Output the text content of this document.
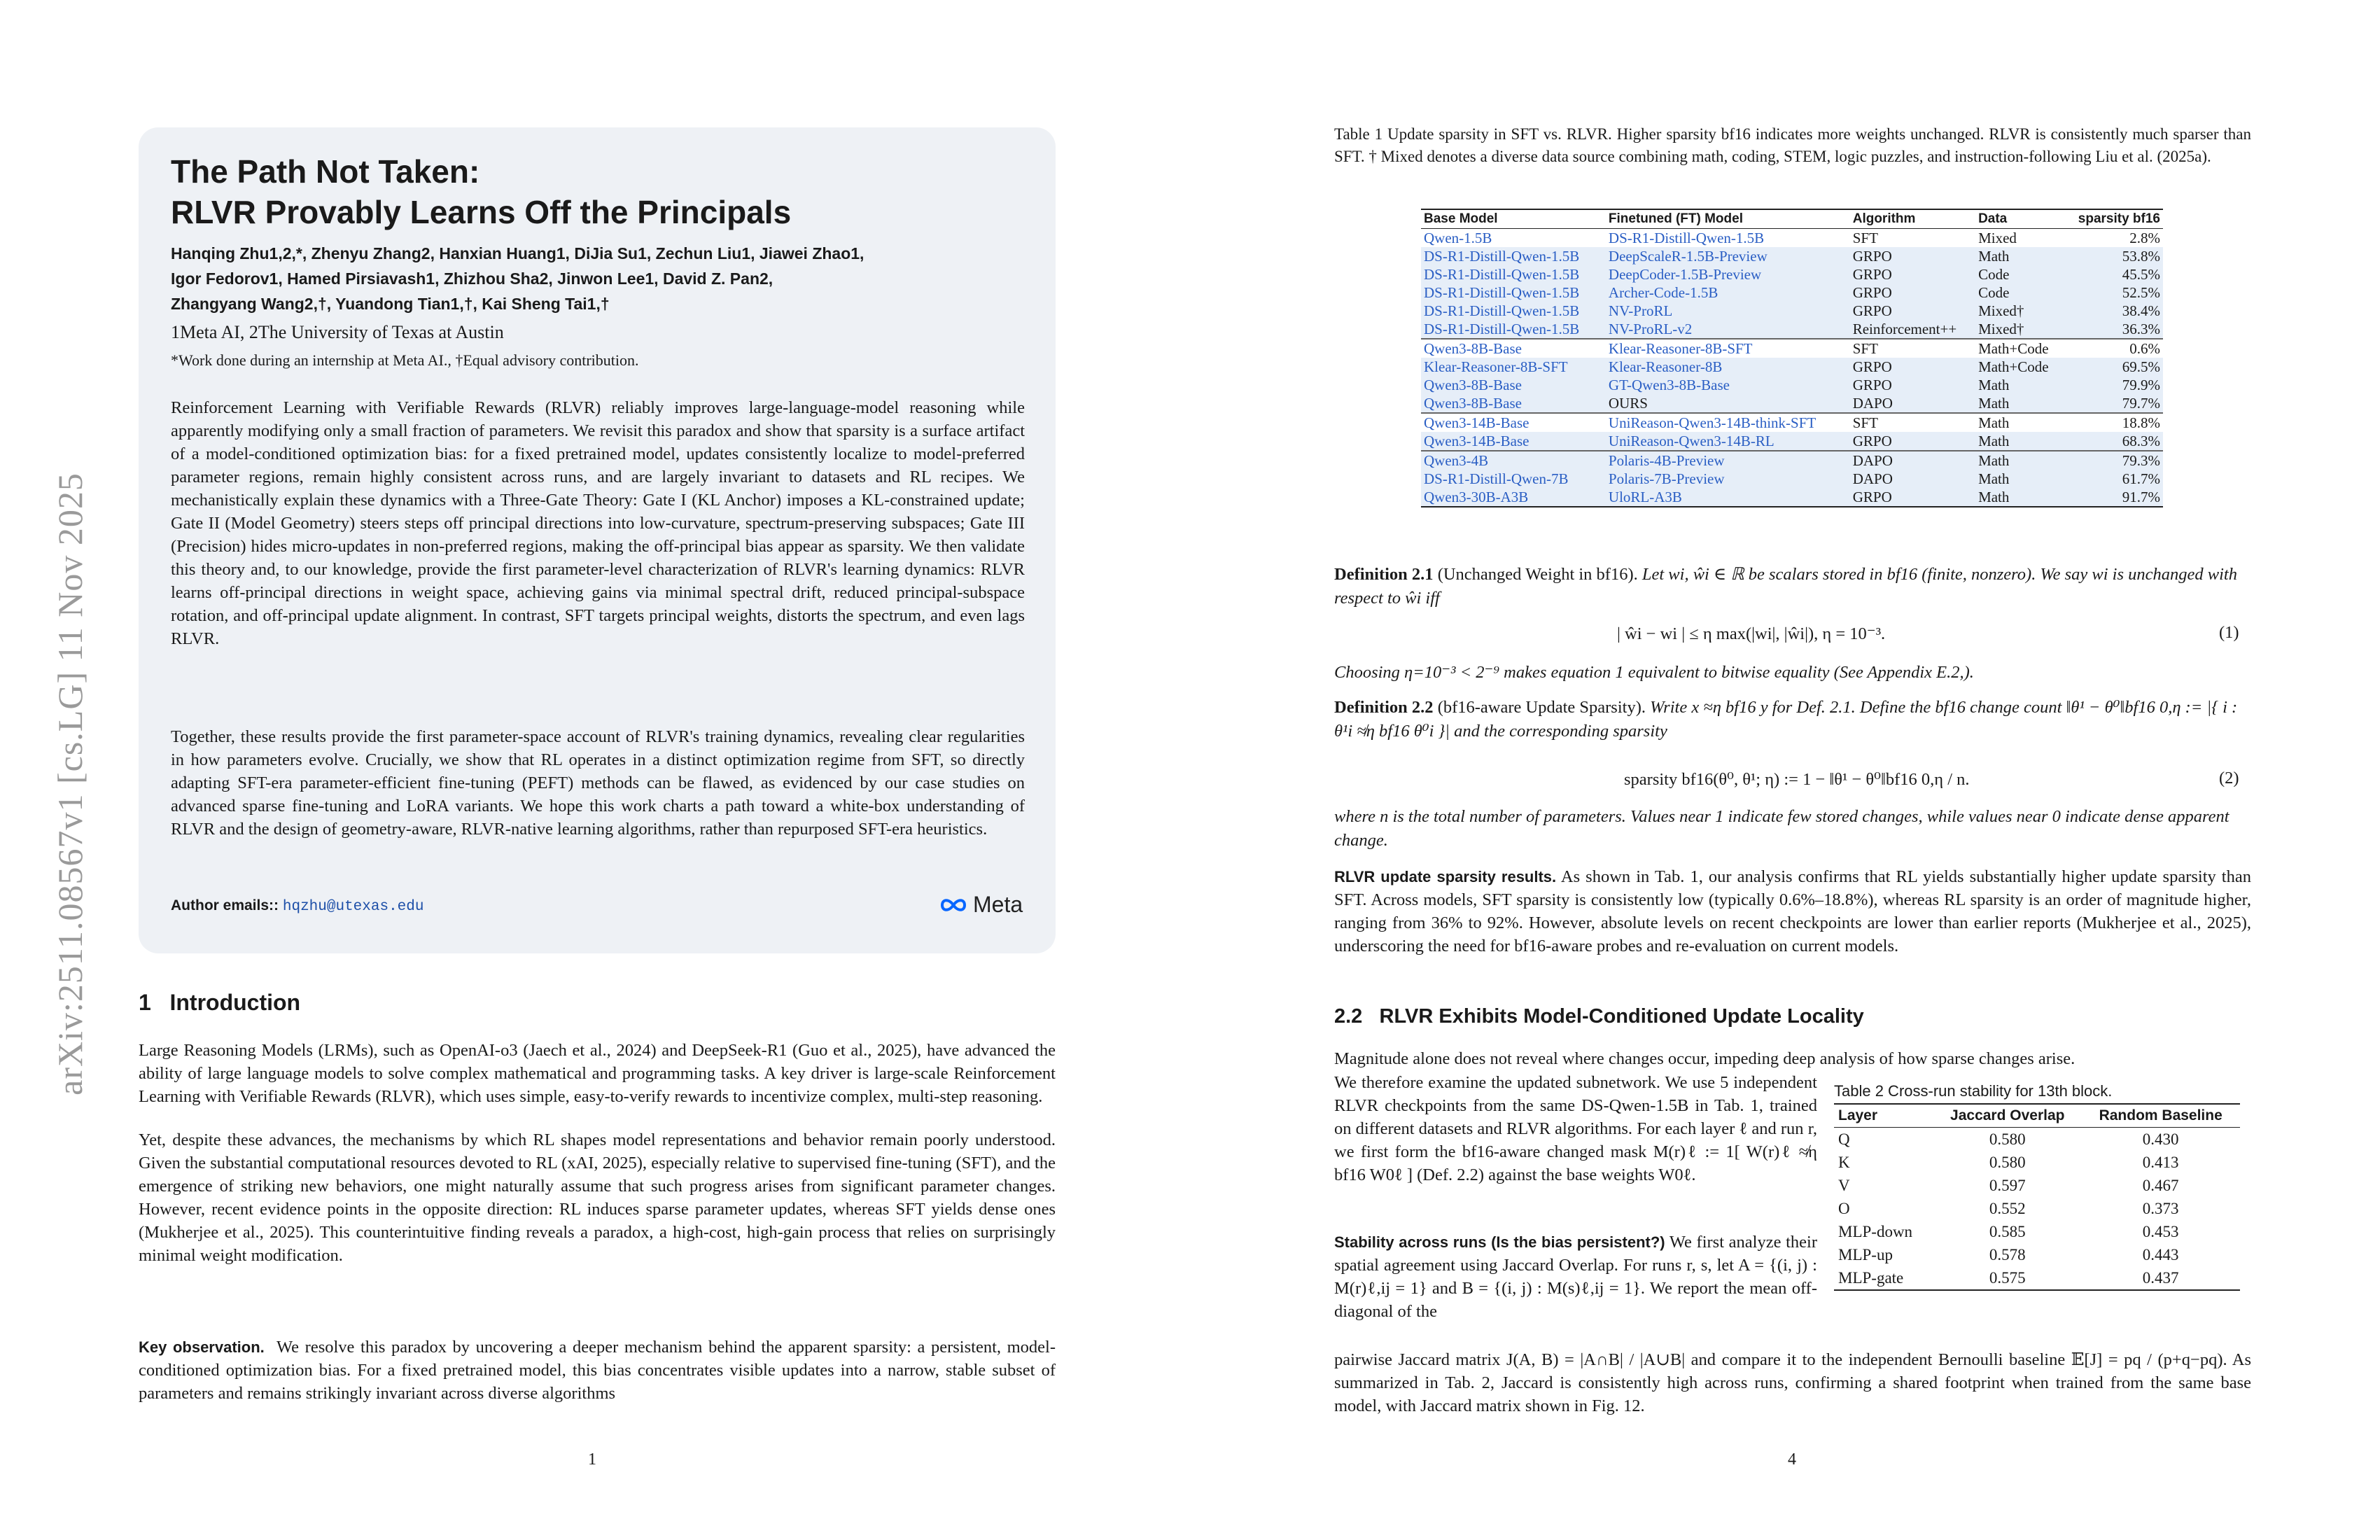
arXiv:2511.08567v1 [cs.LG] 11 Nov 2025
The Path Not Taken:
RLVR Provably Learns Off the Principals
Hanqing Zhu1,2,*, Zhenyu Zhang2, Hanxian Huang1, DiJia Su1, Zechun Liu1, Jiawei Zhao1,
Igor Fedorov1, Hamed Pirsiavash1, Zhizhou Sha2, Jinwon Lee1, David Z. Pan2,
Zhangyang Wang2,†, Yuandong Tian1,†, Kai Sheng Tai1,†
1Meta AI, 2The University of Texas at Austin
*Work done during an internship at Meta AI., †Equal advisory contribution.
Reinforcement Learning with Verifiable Rewards (RLVR) reliably improves large-language-model reasoning while apparently modifying only a small fraction of parameters. We revisit this paradox and show that sparsity is a surface artifact of a model-conditioned optimization bias: for a fixed pretrained model, updates consistently localize to model-preferred parameter regions, remain highly consistent across runs, and are largely invariant to datasets and RL recipes. We mechanistically explain these dynamics with a Three-Gate Theory: Gate I (KL Anchor) imposes a KL-constrained update; Gate II (Model Geometry) steers steps off principal directions into low-curvature, spectrum-preserving subspaces; Gate III (Precision) hides micro-updates in non-preferred regions, making the off-principal bias appear as sparsity. We then validate this theory and, to our knowledge, provide the first parameter-level characterization of RLVR's learning dynamics: RLVR learns off-principal directions in weight space, achieving gains via minimal spectral drift, reduced principal-subspace rotation, and off-principal update alignment. In contrast, SFT targets principal weights, distorts the spectrum, and even lags RLVR.
Together, these results provide the first parameter-space account of RLVR's training dynamics, revealing clear regularities in how parameters evolve. Crucially, we show that RL operates in a distinct optimization regime from SFT, so directly adapting SFT-era parameter-efficient fine-tuning (PEFT) methods can be flawed, as evidenced by our case studies on advanced sparse fine-tuning and LoRA variants. We hope this work charts a path toward a white-box understanding of RLVR and the design of geometry-aware, RLVR-native learning algorithms, rather than repurposed SFT-era heuristics.
Author emails:: hqzhu@utexas.edu	Meta
1 Introduction
Large Reasoning Models (LRMs), such as OpenAI-o3 (Jaech et al., 2024) and DeepSeek-R1 (Guo et al., 2025), have advanced the ability of large language models to solve complex mathematical and programming tasks. A key driver is large-scale Reinforcement Learning with Verifiable Rewards (RLVR), which uses simple, easy-to-verify rewards to incentivize complex, multi-step reasoning.
Yet, despite these advances, the mechanisms by which RL shapes model representations and behavior remain poorly understood. Given the substantial computational resources devoted to RL (xAI, 2025), especially relative to supervised fine-tuning (SFT), and the emergence of striking new behaviors, one might naturally assume that such progress arises from significant parameter changes. However, recent evidence points in the opposite direction: RL induces sparse parameter updates, whereas SFT yields dense ones (Mukherjee et al., 2025). This counterintuitive finding reveals a paradox, a high-cost, high-gain process that relies on surprisingly minimal weight modification.
Key observation. We resolve this paradox by uncovering a deeper mechanism behind the apparent sparsity: a persistent, model-conditioned optimization bias. For a fixed pretrained model, this bias concentrates visible updates into a narrow, stable subset of parameters and remains strikingly invariant across diverse algorithms
1
Table 1 Update sparsity in SFT vs. RLVR. Higher sparsity bf16 indicates more weights unchanged. RLVR is consistently much sparser than SFT. † Mixed denotes a diverse data source combining math, coding, STEM, logic puzzles, and instruction-following Liu et al. (2025a).
Base Model	Finetuned (FT) Model	Algorithm	Data	sparsity bf16
Qwen-1.5B	DS-R1-Distill-Qwen-1.5B	SFT	Mixed	2.8%
DS-R1-Distill-Qwen-1.5B	DeepScaleR-1.5B-Preview	GRPO	Math	53.8%
DS-R1-Distill-Qwen-1.5B	DeepCoder-1.5B-Preview	GRPO	Code	45.5%
DS-R1-Distill-Qwen-1.5B	Archer-Code-1.5B	GRPO	Code	52.5%
DS-R1-Distill-Qwen-1.5B	NV-ProRL	GRPO	Mixed†	38.4%
DS-R1-Distill-Qwen-1.5B	NV-ProRL-v2	Reinforcement++	Mixed†	36.3%
Qwen3-8B-Base	Klear-Reasoner-8B-SFT	SFT	Math+Code	0.6%
Klear-Reasoner-8B-SFT	Klear-Reasoner-8B	GRPO	Math+Code	69.5%
Qwen3-8B-Base	GT-Qwen3-8B-Base	GRPO	Math	79.9%
Qwen3-8B-Base	OURS	DAPO	Math	79.7%
Qwen3-14B-Base	UniReason-Qwen3-14B-think-SFT	SFT	Math	18.8%
Qwen3-14B-Base	UniReason-Qwen3-14B-RL	GRPO	Math	68.3%
Qwen3-4B	Polaris-4B-Preview	DAPO	Math	79.3%
DS-R1-Distill-Qwen-7B	Polaris-7B-Preview	DAPO	Math	61.7%
Qwen3-30B-A3B	UloRL-A3B	GRPO	Math	91.7%
Definition 2.1 (Unchanged Weight in bf16). Let wi, ŵi ∈ ℝ be scalars stored in bf16 (finite, nonzero). We say wi is unchanged with respect to ŵi iff
| ŵi − wi | ≤ η max(|wi|, |ŵi|), η = 10⁻³.	(1)
Choosing η=10⁻³ < 2⁻⁹ makes equation 1 equivalent to bitwise equality (See Appendix E.2,).
Definition 2.2 (bf16-aware Update Sparsity). Write x ≈η bf16 y for Def. 2.1. Define the bf16 change count ‖θ¹ − θ⁰‖bf16 0,η := |{ i : θ¹i ≉η bf16 θ⁰i }| and the corresponding sparsity
sparsity bf16(θ⁰, θ¹; η) := 1 − ‖θ¹ − θ⁰‖bf16 0,η / n.	(2)
where n is the total number of parameters. Values near 1 indicate few stored changes, while values near 0 indicate dense apparent change.
RLVR update sparsity results. As shown in Tab. 1, our analysis confirms that RL yields substantially higher update sparsity than SFT. Across models, SFT sparsity is consistently low (typically 0.6%–18.8%), whereas RL sparsity is an order of magnitude higher, ranging from 36% to 92%. However, absolute levels on recent checkpoints are lower than earlier reports (Mukherjee et al., 2025), underscoring the need for bf16-aware probes and re-evaluation on current models.
2.2 RLVR Exhibits Model-Conditioned Update Locality
Magnitude alone does not reveal where changes occur, impeding deep analysis of how sparse changes arise.
We therefore examine the updated subnetwork. We use 5 independent RLVR checkpoints from the same DS-Qwen-1.5B in Tab. 1, trained on different datasets and RLVR algorithms. For each layer ℓ and run r, we first form the bf16-aware changed mask M(r)ℓ := 1[ W(r)ℓ ≉η bf16 W0ℓ ] (Def. 2.2) against the base weights W0ℓ.
Stability across runs (Is the bias persistent?) We first analyze their spatial agreement using Jaccard Overlap. For runs r, s, let A = {(i, j) : M(r)ℓ,ij = 1} and B = {(i, j) : M(s)ℓ,ij = 1}. We report the mean off-diagonal of the
pairwise Jaccard matrix J(A, B) = |A∩B| / |A∪B| and compare it to the independent Bernoulli baseline 𝔼[J] = pq / (p+q−pq). As summarized in Tab. 2, Jaccard is consistently high across runs, confirming a shared footprint when trained from the same base model, with Jaccard matrix shown in Fig. 12.
Table 2 Cross-run stability for 13th block.
Layer	Jaccard Overlap	Random Baseline
Q	0.580	0.430
K	0.580	0.413
V	0.597	0.467
O	0.552	0.373
MLP-down	0.585	0.453
MLP-up	0.578	0.443
MLP-gate	0.575	0.437
4
